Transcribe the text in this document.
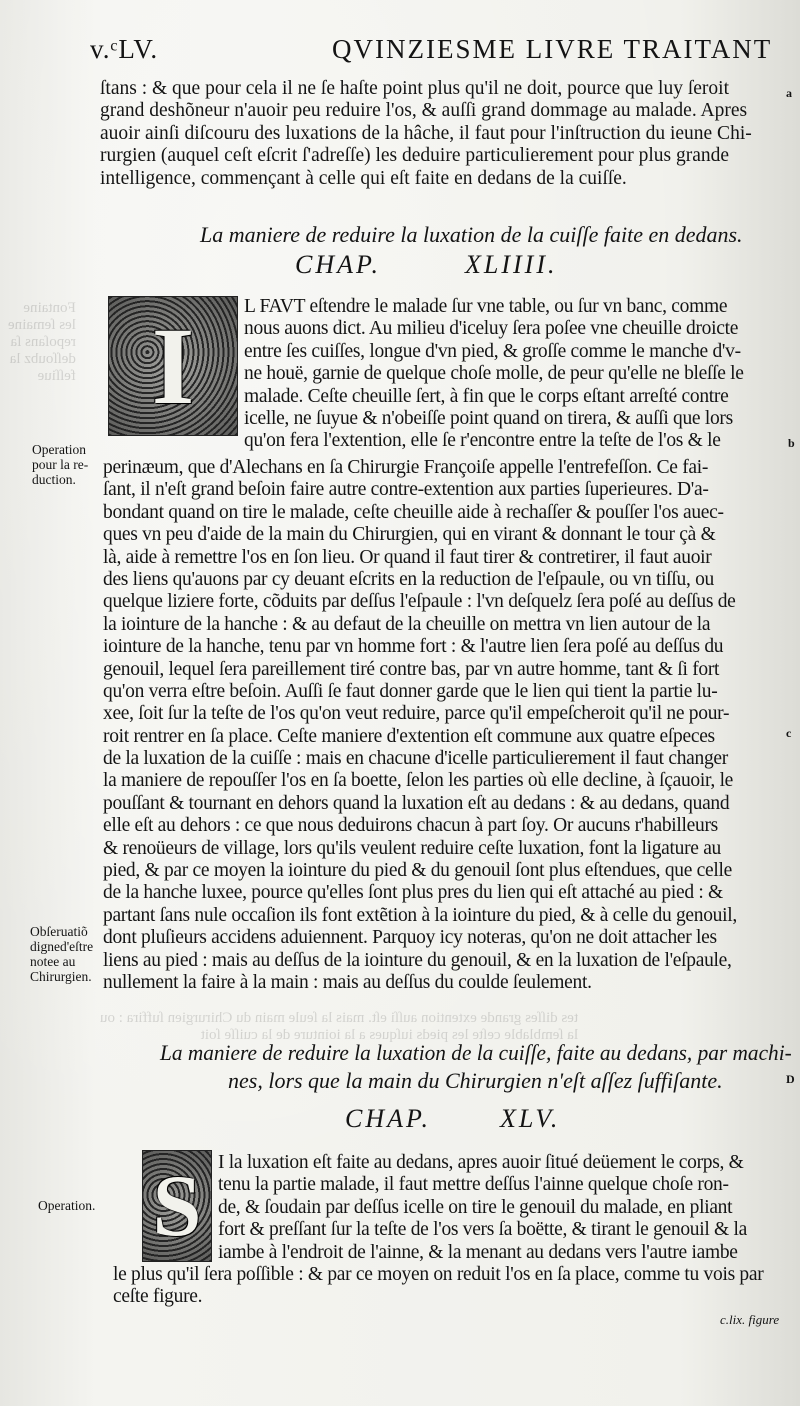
Fontaine
les ſemaine
repoſans ſa
deſſoubz la
feſſiue
tes diſſes grande extention auſſi eſt. mais la ſeule main du Chirurgien ſuffira : ou
la ſemblable ceſte les pieds iuſques a la iointure de la cuiſſe ſoit
v.ᶜLV.	QVINZIESME LIVRE TRAITANT
ſtans : & que pour cela il ne ſe haſte point plus qu'il ne doit, pource que luy ſeroit
grand deshõneur n'auoir peu reduire l'os, & auſſi grand dommage au malade. Apres
auoir ainſi diſcouru des luxations de la hâche, il faut pour l'inſtruction du ieune Chi-
rurgien (auquel ceſt eſcrit ſ'adreſſe) les deduire particulierement pour plus grande
intelligence, commençant à celle qui eſt faite en dedans de la cuiſſe.
La maniere de reduire la luxation de la cuiſſe faite en dedans.
CHAP.	XLIIII.
I	L FAVT eſtendre le malade ſur vne table, ou ſur vn banc, comme
nous auons dict. Au milieu d'iceluy ſera poſee vne cheuille droicte
entre ſes cuiſſes, longue d'vn pied, & groſſe comme le manche d'v-
ne houë, garnie de quelque choſe molle, de peur qu'elle ne bleſſe le
malade. Ceſte cheuille ſert, à fin que le corps eſtant arreſté contre
icelle, ne ſuyue & n'obeiſſe point quand on tirera, & auſſi que lors
qu'on fera l'extention, elle ſe r'encontre entre la teſte de l'os & le
perinæum, que d'Alechans en ſa Chirurgie Françoiſe appelle l'entrefeſſon. Ce fai-
ſant, il n'eſt grand beſoin faire autre contre-extention aux parties ſuperieures. D'a-
bondant quand on tire le malade, ceſte cheuille aide à rechaſſer & pouſſer l'os auec-
ques vn peu d'aide de la main du Chirurgien, qui en virant & donnant le tour çà &
là, aide à remettre l'os en ſon lieu. Or quand il faut tirer & contretirer, il faut auoir
des liens qu'auons par cy deuant eſcrits en la reduction de l'eſpaule, ou vn tiſſu, ou
quelque liziere forte, cõduits par deſſus l'eſpaule : l'vn deſquelz ſera poſé au deſſus de
la iointure de la hanche : & au defaut de la cheuille on mettra vn lien autour de la
iointure de la hanche, tenu par vn homme fort : & l'autre lien ſera poſé au deſſus du
genouil, lequel ſera pareillement tiré contre bas, par vn autre homme, tant & ſi fort
qu'on verra eſtre beſoin. Auſſi ſe faut donner garde que le lien qui tient la partie lu-
xee, ſoit ſur la teſte de l'os qu'on veut reduire, parce qu'il empeſcheroit qu'il ne pour-
roit rentrer en ſa place. Ceſte maniere d'extention eſt commune aux quatre eſpeces
de la luxation de la cuiſſe : mais en chacune d'icelle particulierement il faut changer
la maniere de repouſſer l'os en ſa boette, ſelon les parties où elle decline, à ſçauoir, le
pouſſant & tournant en dehors quand la luxation eſt au dedans : & au dedans, quand
elle eſt au dehors : ce que nous deduirons chacun à part ſoy. Or aucuns r'habilleurs
& renoüeurs de village, lors qu'ils veulent reduire ceſte luxation, font la ligature au
pied, & par ce moyen la iointure du pied & du genouil ſont plus eſtendues, que celle
de la hanche luxee, pource qu'elles ſont plus pres du lien qui eſt attaché au pied : &
partant ſans nule occaſion ils font extẽtion à la iointure du pied, & à celle du genouil,
dont pluſieurs accidens aduiennent. Parquoy icy noteras, qu'on ne doit attacher les
liens au pied : mais au deſſus de la iointure du genouil, & en la luxation de l'eſpaule,
nullement la faire à la main : mais au deſſus du coulde ſeulement.
La maniere de reduire la luxation de la cuiſſe, faite au dedans, par machi-
nes, lors que la main du Chirurgien n'eſt aſſez ſuffiſante.
CHAP.	XLV.
S I la luxation eſt faite au dedans, apres auoir ſitué deüement le corps, &
tenu la partie malade, il faut mettre deſſus l'ainne quelque choſe ron-
de, & ſoudain par deſſus icelle on tire le genouil du malade, en pliant
fort & preſſant ſur la teſte de l'os vers ſa boëtte, & tirant le genouil & la
iambe à l'endroit de l'ainne, & la menant au dedans vers l'autre iambe
le plus qu'il ſera poſſible : & par ce moyen on reduit l'os en ſa place, comme tu vois par
ceſte figure.
c.lix. figure
Operation
pour la re-
duction.
Obſeruatiõ
digned'eſtre
notee au
Chirurgien.
Operation.
a
b
c
D
